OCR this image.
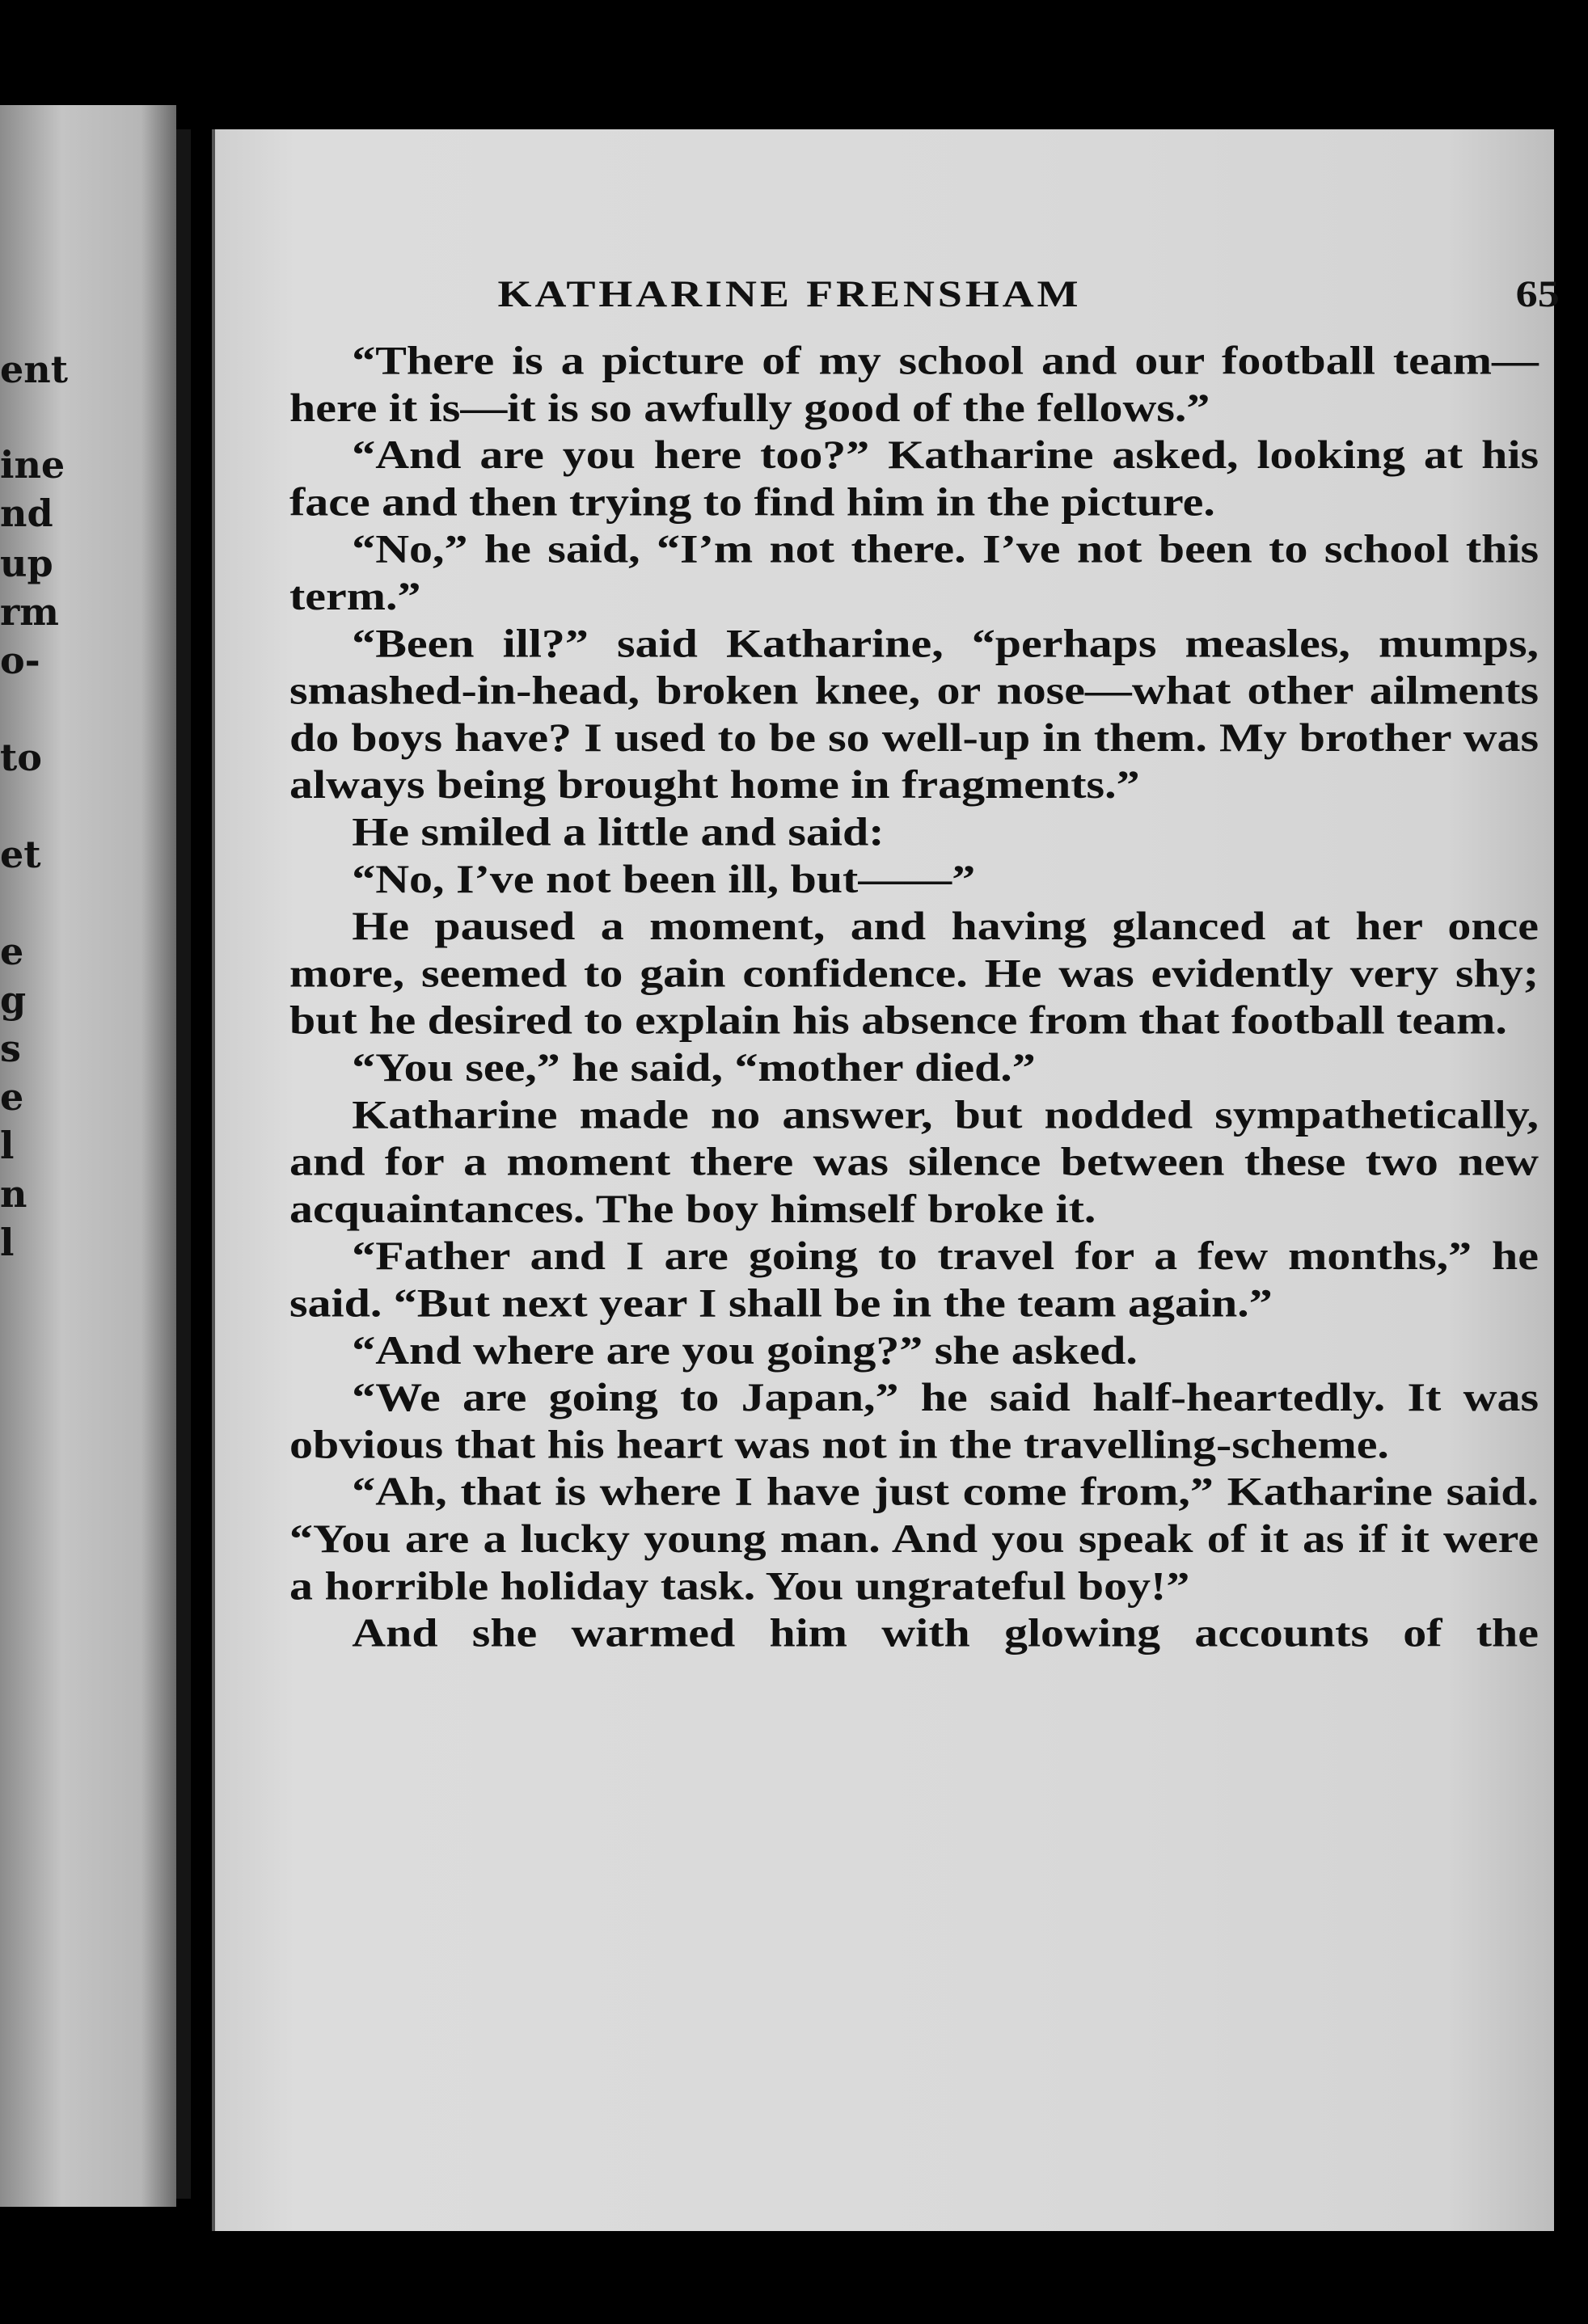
ent
ine
nd
up
rm
o-
to
et
e
g
s
e
l
n
l
KATHARINE FRENSHAM	65

“There is a picture of my school and our football team—here it is—it is so awfully good of the fellows.”

“And are you here too?” Katharine asked, looking at his face and then trying to find him in the picture.

“No,” he said, “I’m not there. I’ve not been to school this term.”

“Been ill?” said Katharine, “perhaps measles, mumps, smashed-in-head, broken knee, or nose—what other ailments do boys have? I used to be so well-up in them. My brother was always being brought home in fragments.”

He smiled a little and said:

“No, I’ve not been ill, but——”

He paused a moment, and having glanced at her once more, seemed to gain confidence. He was evidently very shy; but he desired to explain his absence from that football team.

“You see,” he said, “mother died.”

Katharine made no answer, but nodded sympathetically, and for a moment there was silence between these two new acquaintances. The boy himself broke it.

“Father and I are going to travel for a few months,” he said. “But next year I shall be in the team again.”

“And where are you going?” she asked.

“We are going to Japan,” he said half-heartedly. It was obvious that his heart was not in the travelling-scheme.

“Ah, that is where I have just come from,” Katharine said. “You are a lucky young man. And you speak of it as if it were a horrible holiday task. You ungrateful boy!”

And she warmed him with glowing accounts of the
